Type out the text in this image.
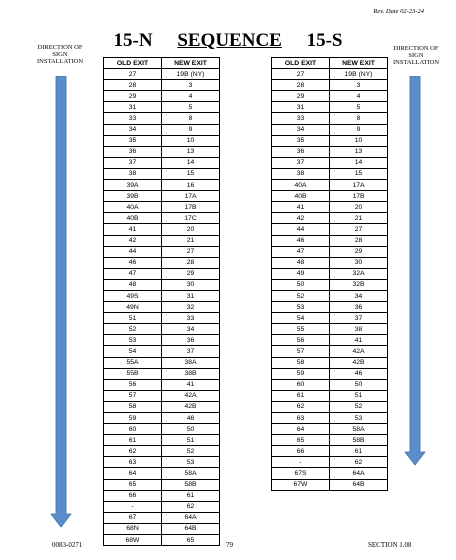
Rev. Date 02-23-24
15-N SEQUENCE 15-S
DIRECTION OF
SIGN
INSTALLATION
DIRECTION OF
SIGN
INSTALLATION
OLD EXIT	NEW EXIT
27	19B (NY)
28	3
29	4
31	5
33	8
34	9
35	10
36	13
37	14
38	15
39A	16
39B	17A
40A	17B
40B	17C
41	20
42	21
44	27
46	28
47	29
48	30
49S	31
49N	32
51	33
52	34
53	36
54	37
55A	38A
55B	38B
56	41
57	42A
58	42B
59	46
60	50
61	51
62	52
63	53
64	58A
65	58B
66	61
-	62
67	64A
68N	64B
68W	65
OLD EXIT	NEW EXIT
27	19B (NY)
28	3
29	4
31	5
33	8
34	9
35	10
36	13
37	14
38	15
40A	17A
40B	17B
41	20
42	21
44	27
46	28
47	29
48	30
49	32A
50	32B
52	34
53	36
54	37
55	38
56	41
57	42A
58	42B
59	46
60	50
61	51
62	52
63	53
64	58A
65	58B
66	61
-	62
67S	64A
67W	64B
0083-0271	79	SECTION 1.08
